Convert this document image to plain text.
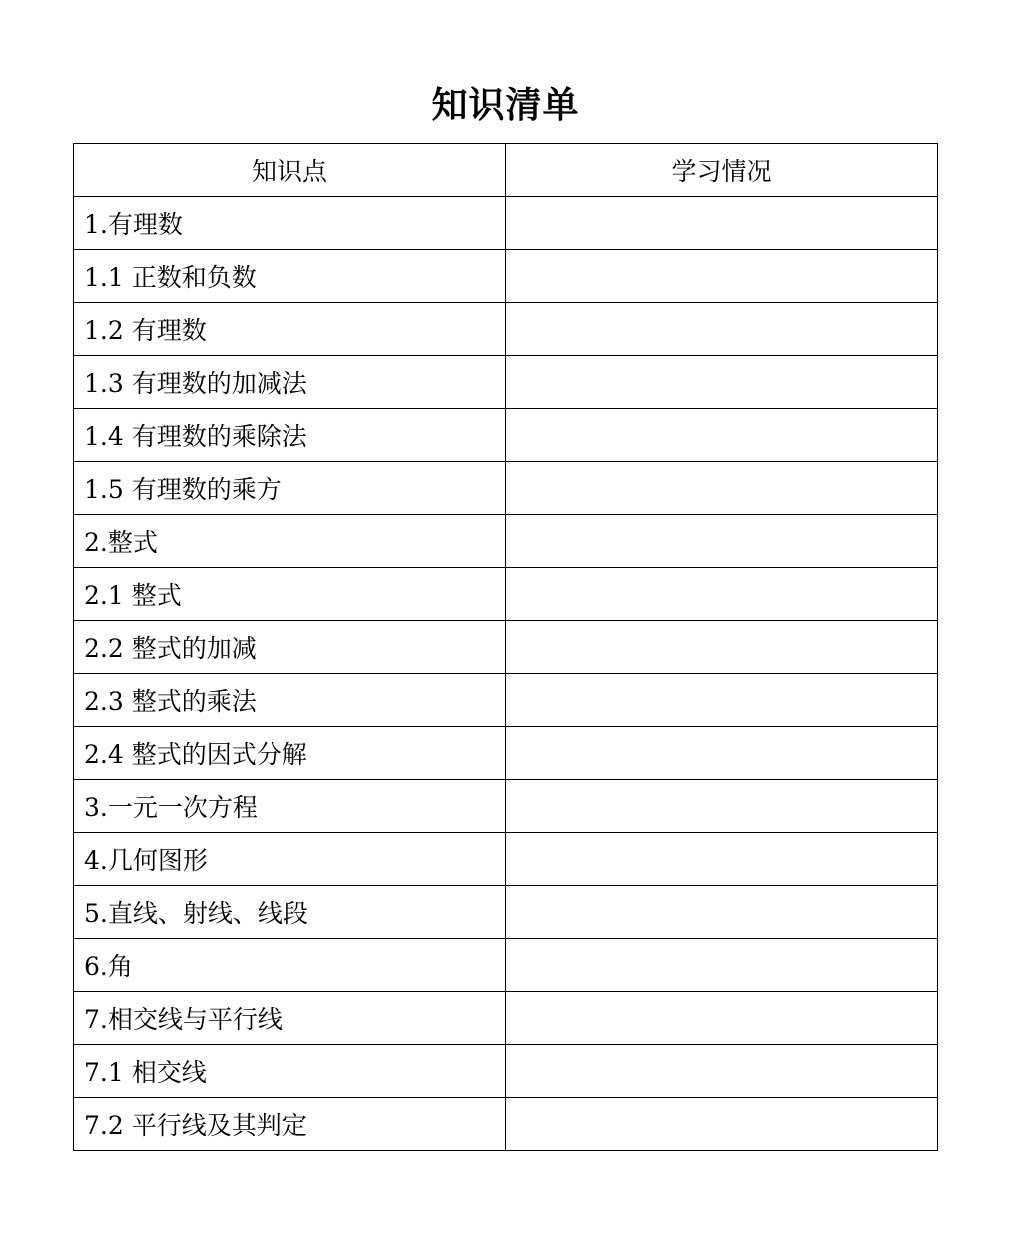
知识清单
知识点	学习情况
1.有理数	
1.1 正数和负数	
1.2 有理数	
1.3 有理数的加减法	
1.4 有理数的乘除法	
1.5 有理数的乘方	
2.整式	
2.1 整式	
2.2 整式的加减	
2.3 整式的乘法	
2.4 整式的因式分解	
3.一元一次方程	
4.几何图形	
5.直线、射线、线段	
6.角	
7.相交线与平行线	
7.1 相交线	
7.2 平行线及其判定	
